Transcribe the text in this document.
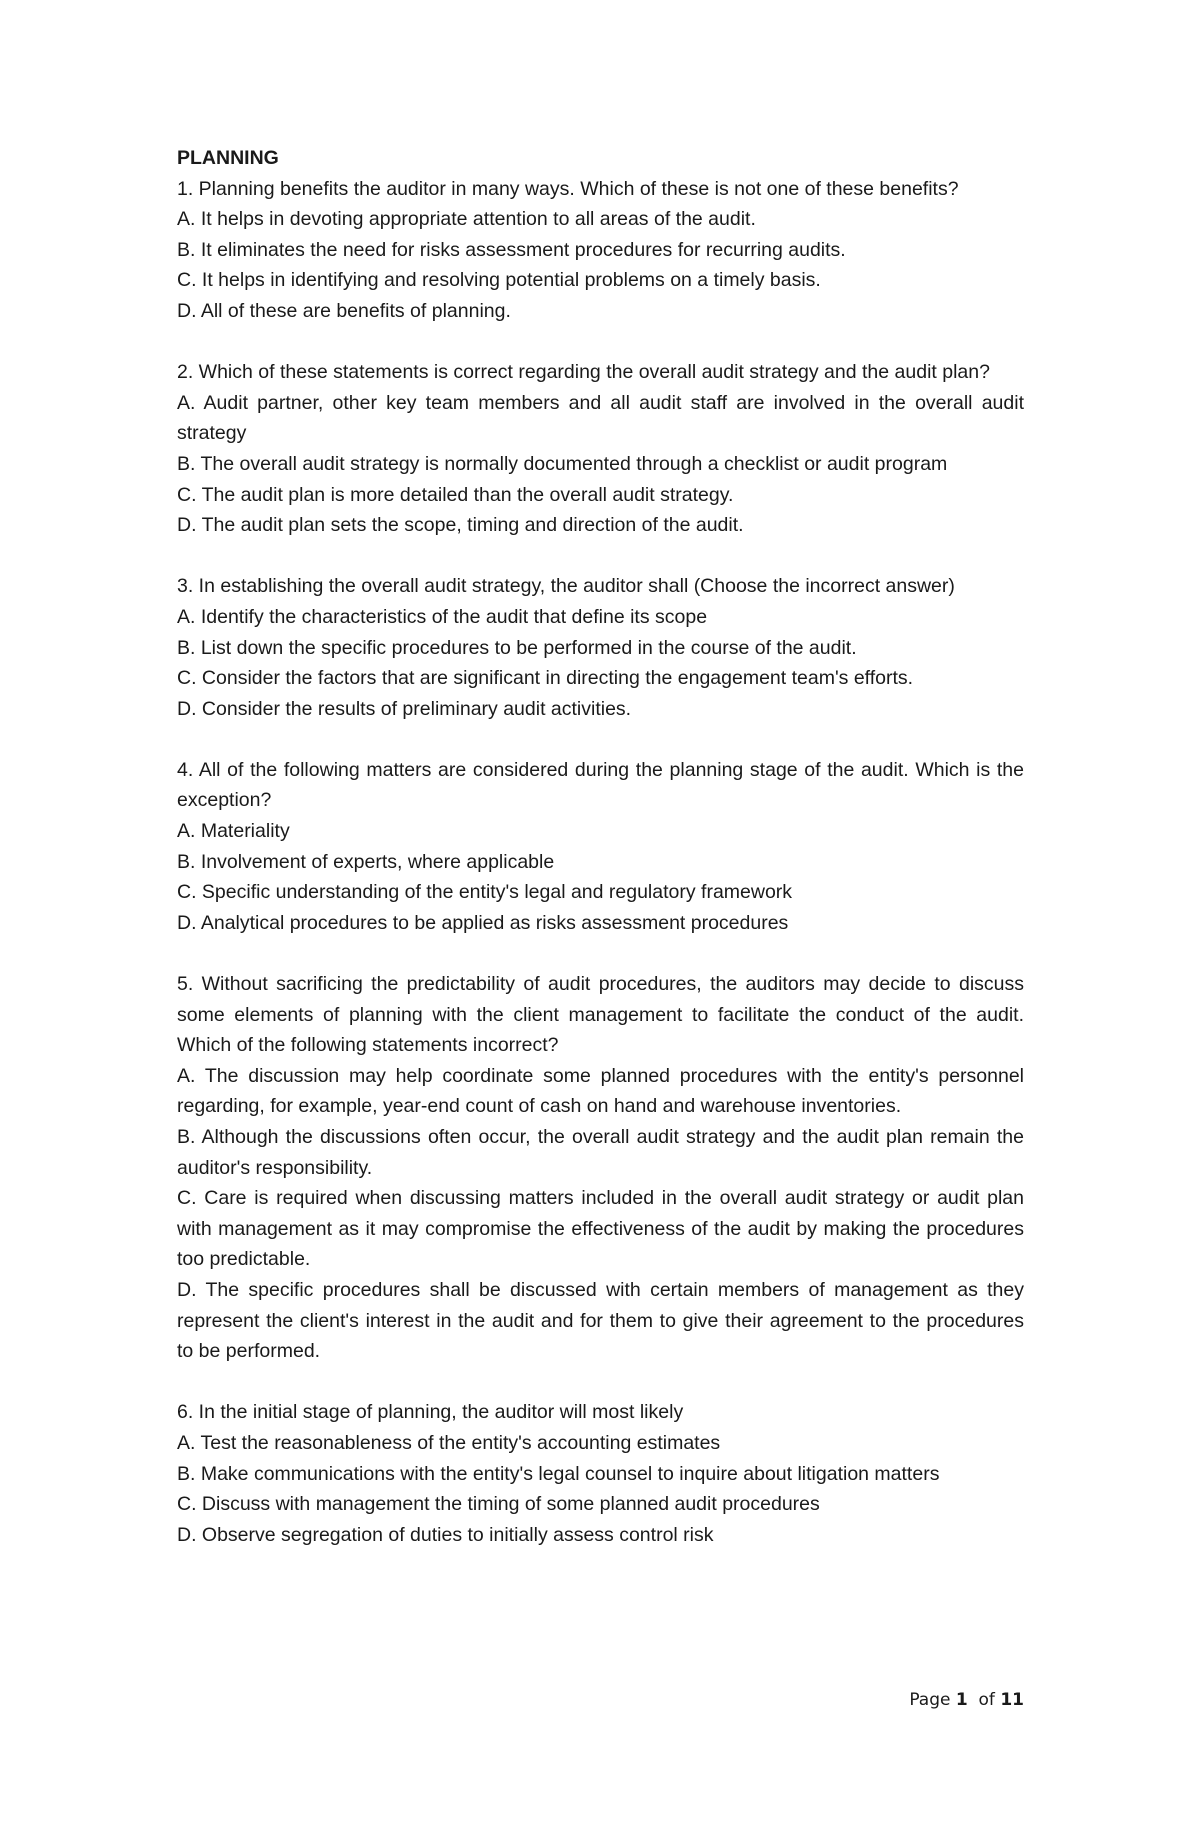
PLANNING

1. Planning benefits the auditor in many ways. Which of these is not one of these benefits?

A. It helps in devoting appropriate attention to all areas of the audit.

B. It eliminates the need for risks assessment procedures for recurring audits.

C. It helps in identifying and resolving potential problems on a timely basis.

D. All of these are benefits of planning.

2. Which of these statements is correct regarding the overall audit strategy and the audit plan?

A. Audit partner, other key team members and all audit staff are involved in the overall audit strategy

B. The overall audit strategy is normally documented through a checklist or audit program

C. The audit plan is more detailed than the overall audit strategy.

D. The audit plan sets the scope, timing and direction of the audit.

3. In establishing the overall audit strategy, the auditor shall (Choose the incorrect answer)

A. Identify the characteristics of the audit that define its scope

B. List down the specific procedures to be performed in the course of the audit.

C. Consider the factors that are significant in directing the engagement team's efforts.

D. Consider the results of preliminary audit activities.

4. All of the following matters are considered during the planning stage of the audit. Which is the exception?

A. Materiality

B. Involvement of experts, where applicable

C. Specific understanding of the entity's legal and regulatory framework

D. Analytical procedures to be applied as risks assessment procedures

5. Without sacrificing the predictability of audit procedures, the auditors may decide to discuss some elements of planning with the client management to facilitate the conduct of the audit. Which of the following statements incorrect?

A. The discussion may help coordinate some planned procedures with the entity's personnel regarding, for example, year-end count of cash on hand and warehouse inventories.

B. Although the discussions often occur, the overall audit strategy and the audit plan remain the auditor's responsibility.

C. Care is required when discussing matters included in the overall audit strategy or audit plan with management as it may compromise the effectiveness of the audit by making the procedures too predictable.

D. The specific procedures shall be discussed with certain members of management as they represent the client's interest in the audit and for them to give their agreement to the procedures to be performed.

6. In the initial stage of planning, the auditor will most likely

A. Test the reasonableness of the entity's accounting estimates

B. Make communications with the entity's legal counsel to inquire about litigation matters

C. Discuss with management the timing of some planned audit procedures

D. Observe segregation of duties to initially assess control risk

Page 1 of 11
